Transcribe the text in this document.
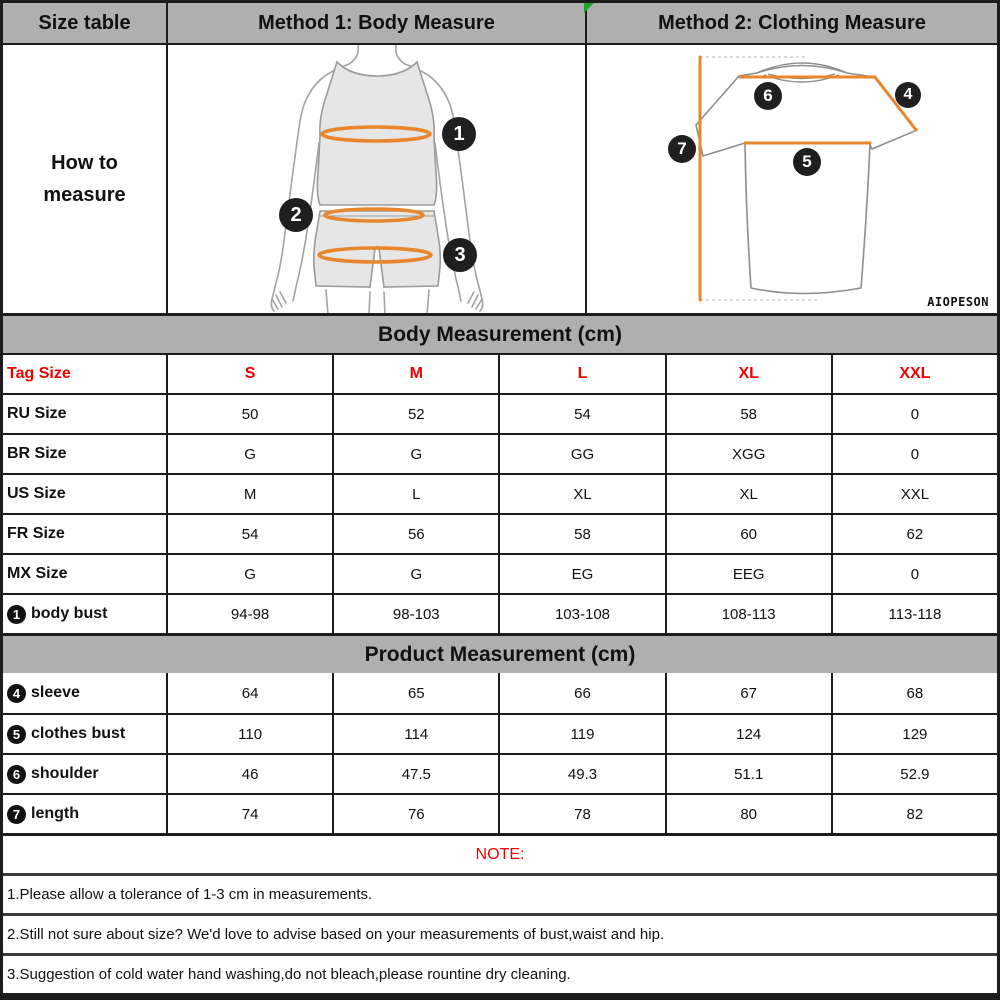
Size table	Method 1: Body Measure	Method 2: Clothing Measure
How to measure
1
2
3
4
5
6
7
AIOPESON
Body Measurement (cm)
Tag Size	S	M	L	XL	XXL
RU Size	50	52	54	58	0
BR Size	G	G	GG	XGG	0
US Size	M	L	XL	XL	XXL
FR Size	54	56	58	60	62
MX Size	G	G	EG	EEG	0
1 body bust	94-98	98-103	103-108	108-113	113-118
Product Measurement (cm)
4 sleeve	64	65	66	67	68
5 clothes bust	110	114	119	124	129
6 shoulder	46	47.5	49.3	51.1	52.9
7 length	74	76	78	80	82
NOTE:
1.Please allow a tolerance of 1-3 cm in measurements.
2.Still not sure about size? We'd love to advise based on your measurements of bust,waist and hip.
3.Suggestion of cold water hand washing,do not bleach,please rountine dry cleaning.
